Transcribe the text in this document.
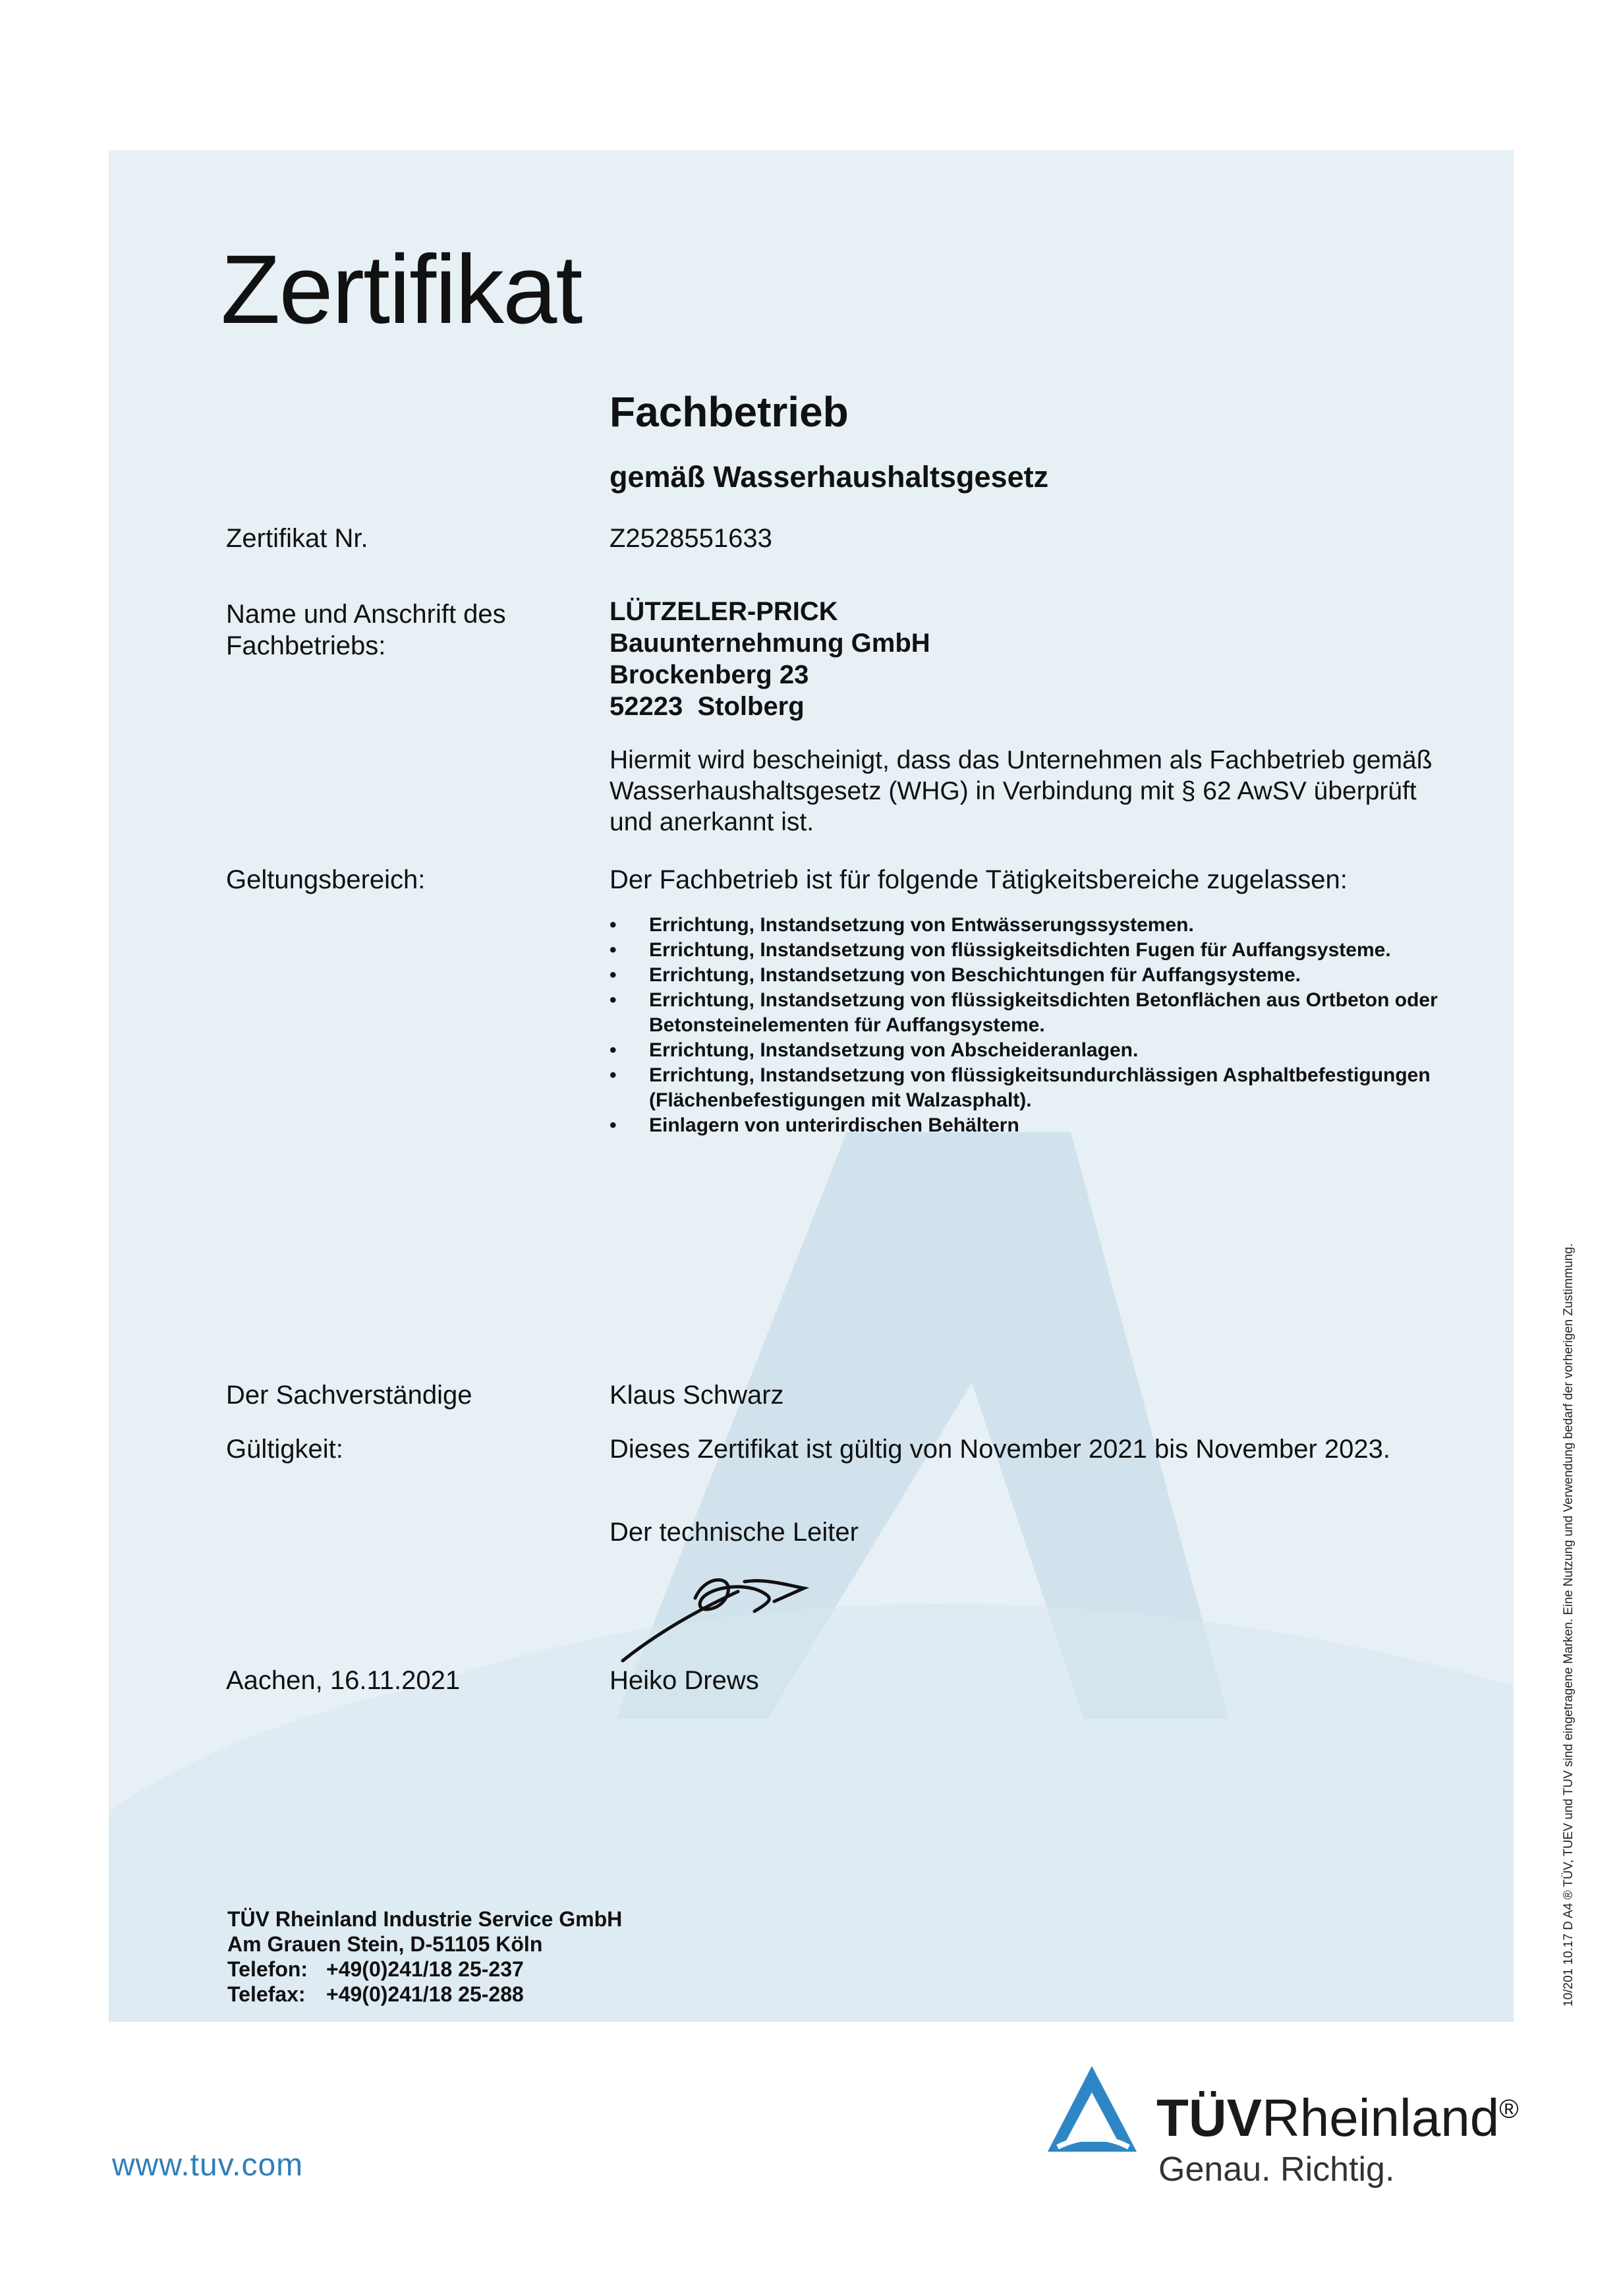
Zertifikat
Fachbetrieb
gemäß Wasserhaushaltsgesetz
Zertifikat Nr.	Z2528551633
Name und Anschrift des
Fachbetriebs:
LÜTZELER-PRICK
Bauunternehmung GmbH
Brockenberg 23
52223  Stolberg
Hiermit wird bescheinigt, dass das Unternehmen als Fachbetrieb gemäß Wasserhaushaltsgesetz (WHG) in Verbindung mit § 62 AwSV überprüft und anerkannt ist.
Geltungsbereich:	Der Fachbetrieb ist für folgende Tätigkeitsbereiche zugelassen:
• Errichtung, Instandsetzung von Entwässerungssystemen.
• Errichtung, Instandsetzung von flüssigkeitsdichten Fugen für Auffangsysteme.
• Errichtung, Instandsetzung von Beschichtungen für Auffangsysteme.
• Errichtung, Instandsetzung von flüssigkeitsdichten Betonflächen aus Ortbeton oder Betonsteinelementen für Auffangsysteme.
• Errichtung, Instandsetzung von Abscheideranlagen.
• Errichtung, Instandsetzung von flüssigkeitsundurchlässigen Asphaltbefestigungen (Flächenbefestigungen mit Walzasphalt).
• Einlagern von unterirdischen Behältern
Der Sachverständige	Klaus Schwarz
Gültigkeit:	Dieses Zertifikat ist gültig von November 2021 bis November 2023.
Der technische Leiter
Aachen, 16.11.2021	Heiko Drews
TÜV Rheinland Industrie Service GmbH
Am Grauen Stein, D-51105 Köln
Telefon: +49(0)241/18 25-237
Telefax: +49(0)241/18 25-288
www.tuv.com
TÜVRheinland®
Genau. Richtig.
10/201 10.17 D A4 ® TÜV, TUEV und TUV sind eingetragene Marken. Eine Nutzung und Verwendung bedarf der vorherigen Zustimmung.
